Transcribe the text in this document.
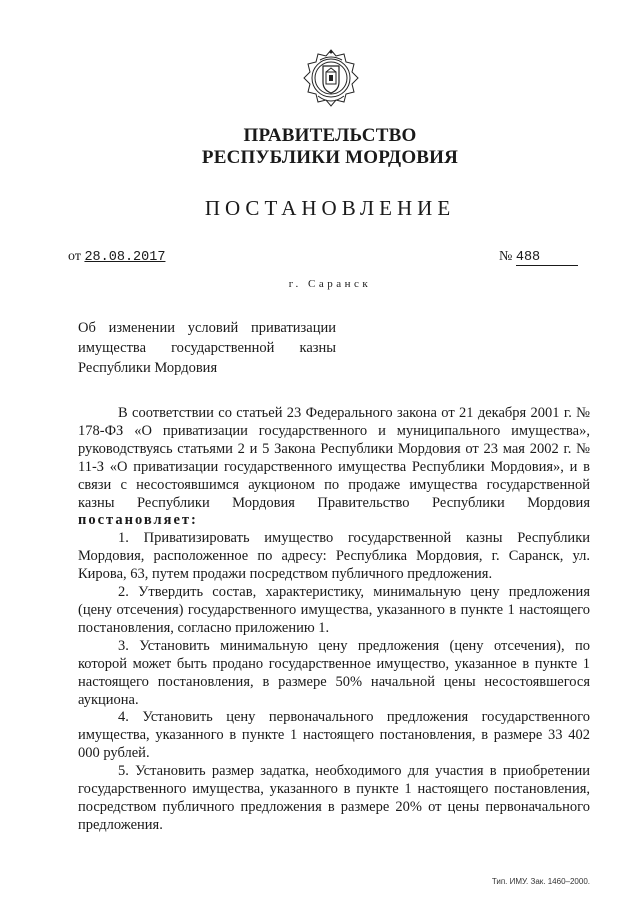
ПРАВИТЕЛЬСТВО
РЕСПУБЛИКИ МОРДОВИЯ
ПОСТАНОВЛЕНИЕ
от 28.08.2017	№ 488
г. Саранск
Об изменении условий приватизации
имущества государственной казны
Республики Мордовия

В соответствии со статьей 23 Федерального закона от 21 декабря 2001 г. № 178-ФЗ «О приватизации государственного и муниципального имущества», руководствуясь статьями 2 и 5 Закона Республики Мордовия от 23 мая 2002 г. № 11-З «О приватизации государственного имущества Республики Мордовия», и в связи с несостоявшимся аукционом по продаже имущества государственной казны Республики Мордовия Правительство Республики Мордовия постановляет:

1. Приватизировать имущество государственной казны Республики Мордовия, расположенное по адресу: Республика Мордовия, г. Саранск, ул. Кирова, 63, путем продажи посредством публичного предложения.

2. Утвердить состав, характеристику, минимальную цену предложения (цену отсечения) государственного имущества, указанного в пункте 1 настоящего постановления, согласно приложению 1.

3. Установить минимальную цену предложения (цену отсечения), по которой может быть продано государственное имущество, указанное в пункте 1 настоящего постановления, в размере 50% начальной цены несостоявшегося аукциона.

4. Установить цену первоначального предложения государственного имущества, указанного в пункте 1 настоящего постановления, в размере 33 402 000 рублей.

5. Установить размер задатка, необходимого для участия в приобретении государственного имущества, указанного в пункте 1 настоящего постановления, посредством публичного предложения в размере 20% от цены первоначального предложения.

Тип. ИМУ. Зак. 1460–2000.
